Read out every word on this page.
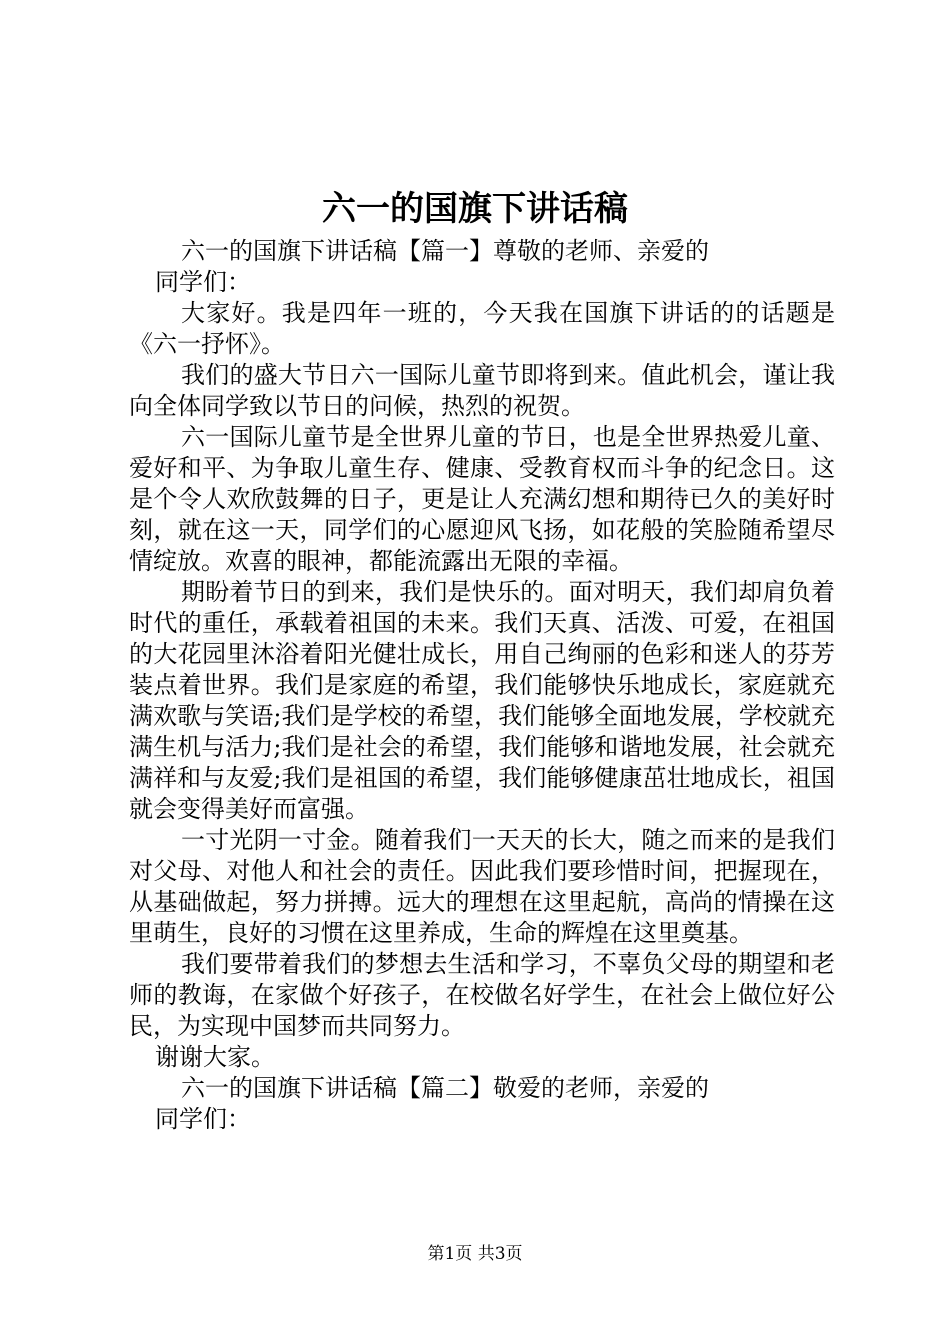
六一的国旗下讲话稿

六一的国旗下讲话稿【篇一】尊敬的老师、亲爱的

同学们：

大家好。我是四年一班的，今天我在国旗下讲话的的话题是《六一抒怀》。

我们的盛大节日六一国际儿童节即将到来。值此机会，谨让我向全体同学致以节日的问候，热烈的祝贺。

六一国际儿童节是全世界儿童的节日，也是全世界热爱儿童、爱好和平、为争取儿童生存、健康、受教育权而斗争的纪念日。这是个令人欢欣鼓舞的日子，更是让人充满幻想和期待已久的美好时刻，就在这一天，同学们的心愿迎风飞扬，如花般的笑脸随希望尽情绽放。欢喜的眼神，都能流露出无限的幸福。

期盼着节日的到来，我们是快乐的。面对明天，我们却肩负着时代的重任，承载着祖国的未来。我们天真、活泼、可爱，在祖国的大花园里沐浴着阳光健壮成长，用自己绚丽的色彩和迷人的芬芳装点着世界。我们是家庭的希望，我们能够快乐地成长，家庭就充满欢歌与笑语;我们是学校的希望，我们能够全面地发展，学校就充满生机与活力;我们是社会的希望，我们能够和谐地发展，社会就充满祥和与友爱;我们是祖国的希望，我们能够健康茁壮地成长，祖国就会变得美好而富强。

一寸光阴一寸金。随着我们一天天的长大，随之而来的是我们对父母、对他人和社会的责任。因此我们要珍惜时间，把握现在，从基础做起，努力拼搏。远大的理想在这里起航，高尚的情操在这里萌生，良好的习惯在这里养成，生命的辉煌在这里奠基。

我们要带着我们的梦想去生活和学习，不辜负父母的期望和老师的教诲，在家做个好孩子，在校做名好学生，在社会上做位好公民，为实现中国梦而共同努力。

谢谢大家。

六一的国旗下讲话稿【篇二】敬爱的老师，亲爱的

同学们：

第1页 共3页
